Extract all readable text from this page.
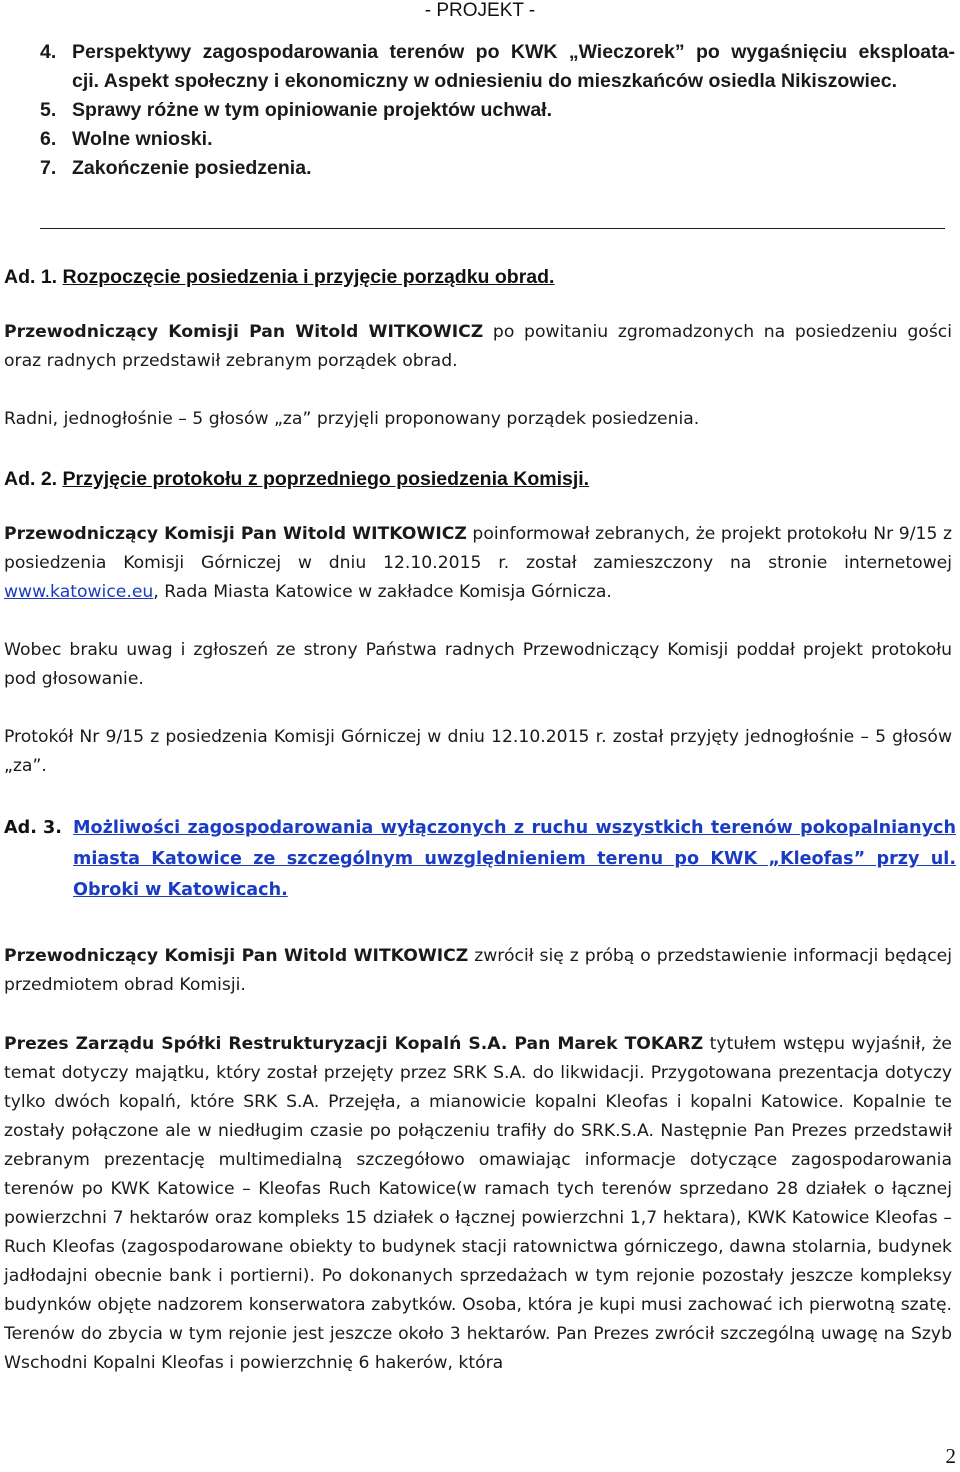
- PROJEKT -
4. Perspektywy zagospodarowania terenów po KWK „Wieczorek” po wygaśnięciu eksploata-
cji. Aspekt społeczny i ekonomiczny w odniesieniu do mieszkańców osiedla Nikiszowiec.
5. Sprawy różne w tym opiniowanie projektów uchwał.
6. Wolne wnioski.
7. Zakończenie posiedzenia.
Ad. 1. Rozpoczęcie posiedzenia i przyjęcie porządku obrad.
Przewodniczący Komisji Pan Witold WITKOWICZ po powitaniu zgromadzonych na posiedzeniu gości oraz radnych przedstawił zebranym porządek obrad.
Radni, jednogłośnie – 5 głosów „za” przyjęli proponowany porządek posiedzenia.
Ad. 2. Przyjęcie protokołu z poprzedniego posiedzenia Komisji.
Przewodniczący Komisji Pan Witold WITKOWICZ poinformował zebranych, że projekt protokołu Nr 9/15 z posiedzenia Komisji Górniczej w dniu 12.10.2015 r. został zamieszczony na stronie internetowej www.katowice.eu, Rada Miasta Katowice w zakładce Komisja Górnicza.
Wobec braku uwag i zgłoszeń ze strony Państwa radnych Przewodniczący Komisji poddał projekt protokołu pod głosowanie.
Protokół Nr 9/15 z posiedzenia Komisji Górniczej w dniu 12.10.2015 r. został przyjęty jednogłośnie – 5 głosów „za”.
Ad. 3. Możliwości zagospodarowania wyłączonych z ruchu wszystkich terenów pokopalnianych miasta Katowice ze szczególnym uwzględnieniem terenu po KWK „Kleofas” przy ul. Obroki w Katowicach.
Przewodniczący Komisji Pan Witold WITKOWICZ zwrócił się z próbą o przedstawienie informacji będącej przedmiotem obrad Komisji.
Prezes Zarządu Spółki Restrukturyzacji Kopalń S.A. Pan Marek TOKARZ tytułem wstępu wyjaśnił, że temat dotyczy majątku, który został przejęty przez SRK S.A. do likwidacji. Przygotowana prezentacja dotyczy tylko dwóch kopalń, które SRK S.A. Przejęła, a mianowicie kopalni Kleofas i kopalni Katowice. Kopalnie te zostały połączone ale w niedługim czasie po połączeniu trafiły do SRK.S.A. Następnie Pan Prezes przedstawił zebranym prezentację multimedialną szczegółowo omawiając informacje dotyczące zagospodarowania terenów po KWK Katowice – Kleofas Ruch Katowice(w ramach tych terenów sprzedano 28 działek o łącznej powierzchni 7 hektarów oraz kompleks 15 działek o łącznej powierzchni 1,7 hektara), KWK Katowice Kleofas – Ruch Kleofas (zagospodarowane obiekty to budynek stacji ratownictwa górniczego, dawna stolarnia, budynek jadłodajni obecnie bank i portierni). Po dokonanych sprzedażach w tym rejonie pozostały jeszcze kompleksy budynków objęte nadzorem konserwatora zabytków. Osoba, która je kupi musi zachować ich pierwotną szatę. Terenów do zbycia w tym rejonie jest jeszcze około 3 hektarów. Pan Prezes zwrócił szczególną uwagę na Szyb Wschodni Kopalni Kleofas i powierzchnię 6 hakerów, która
2
